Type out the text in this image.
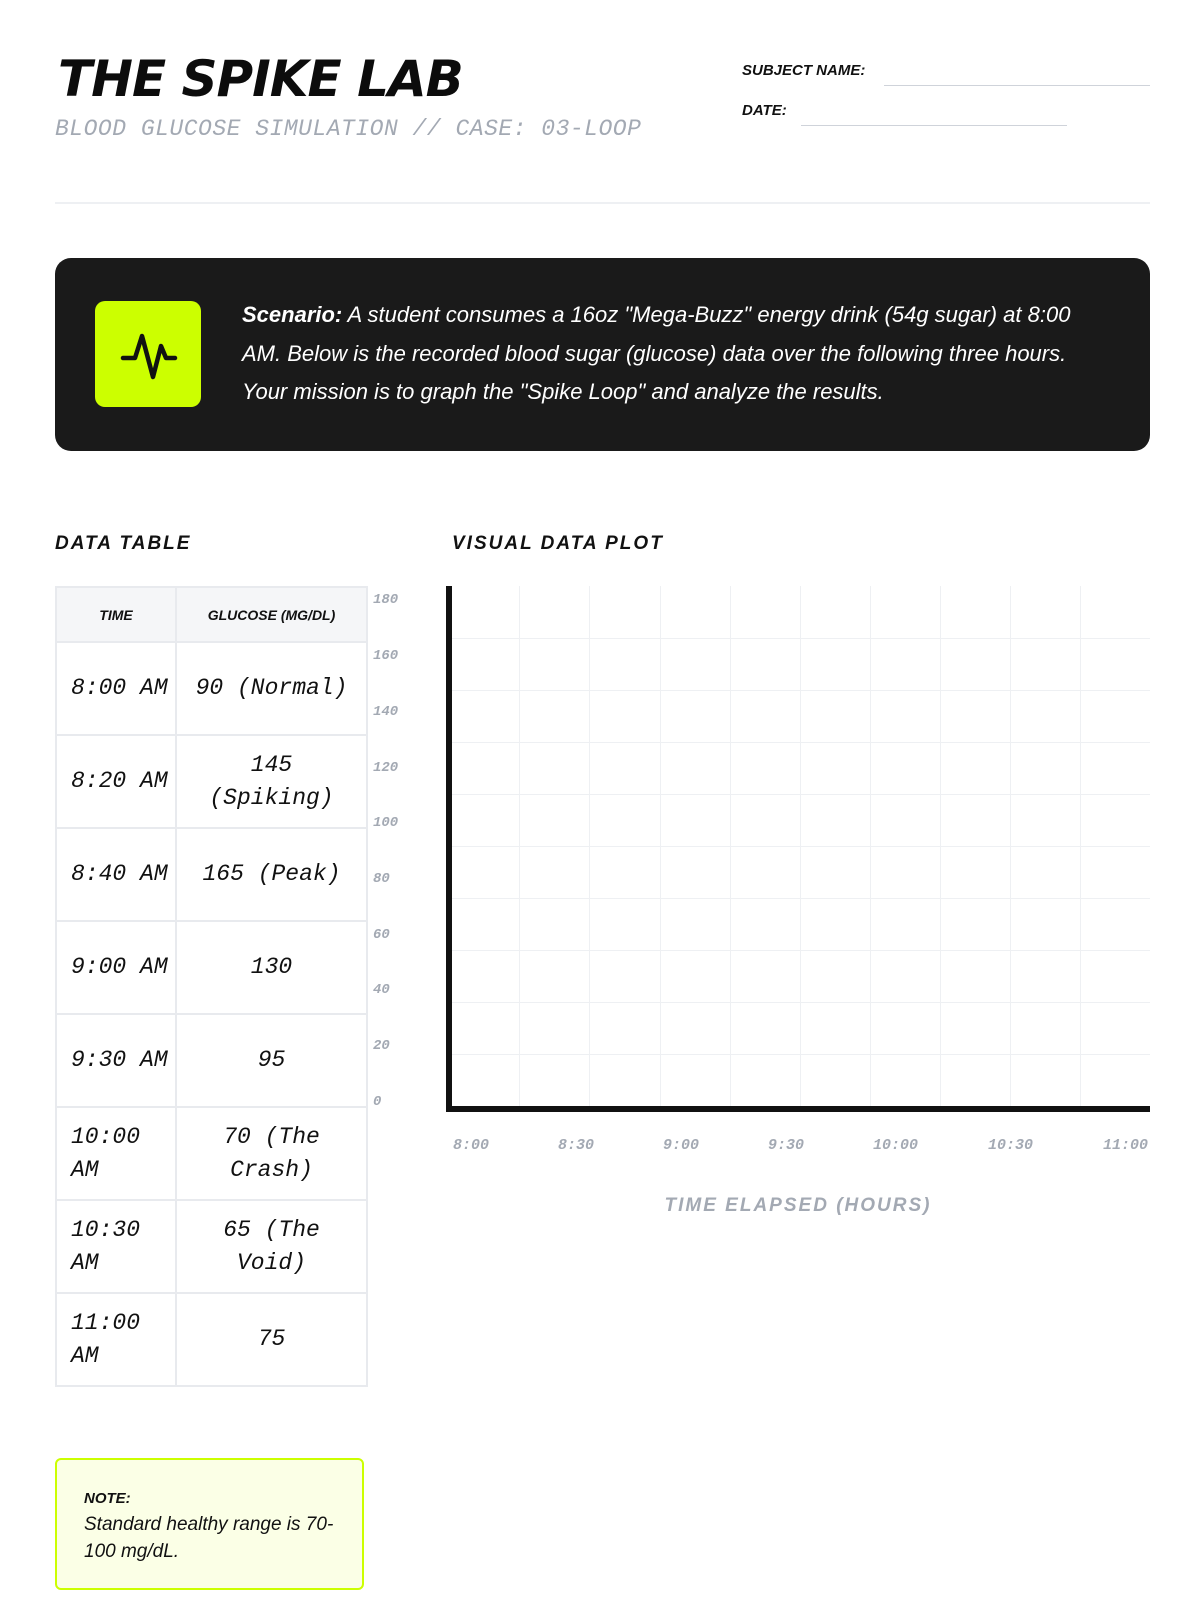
THE SPIKE LAB
BLOOD GLUCOSE SIMULATION // CASE: 03-LOOP
SUBJECT NAME:
DATE:
Scenario: A student consumes a 16oz "Mega-Buzz" energy drink (54g sugar) at 8:00 AM. Below is the recorded blood sugar (glucose) data over the following three hours. Your mission is to graph the "Spike Loop" and analyze the results.
DATA TABLE
TIME	GLUCOSE (MG/DL)
8:00 AM	90 (Normal)
8:20 AM	145 (Spiking)
8:40 AM	165 (Peak)
9:00 AM	130
9:30 AM	95
10:00 AM	70 (The Crash)
10:30 AM	65 (The Void)
11:00 AM	75
VISUAL DATA PLOT
180
160
140
120
100
80
60
40
20
0
8:00	8:30	9:00	9:30	10:00	10:30	11:00
TIME ELAPSED (HOURS)
NOTE:
Standard healthy range is 70-100 mg/dL.
